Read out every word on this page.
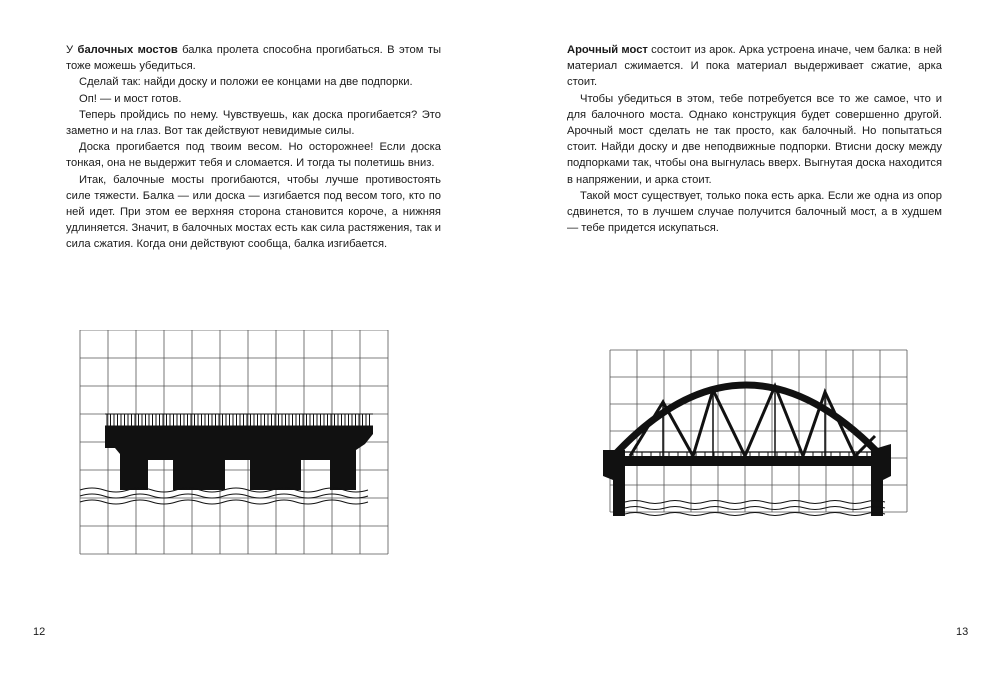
У балочных мостов балка пролета способна прогибаться. В этом ты тоже можешь убедиться.

Сделай так: найди доску и положи ее концами на две подпорки.

Оп! — и мост готов.

Теперь пройдись по нему. Чувствуешь, как доска прогибается? Это заметно и на глаз. Вот так действуют невидимые силы.

Доска прогибается под твоим весом. Но осторожнее! Если доска тонкая, она не выдержит тебя и сломается. И тогда ты полетишь вниз.

Итак, балочные мосты прогибаются, чтобы лучше противостоять силе тяжести. Балка — или доска — изгибается под весом того, кто по ней идет. При этом ее верхняя сторона становится короче, а нижняя удлиняется. Значит, в балочных мостах есть как сила растяжения, так и сила сжатия. Когда они действуют сообща, балка изгибается.

12

Арочный мост состоит из арок. Арка устроена иначе, чем балка: в ней материал сжимается. И пока материал выдерживает сжатие, арка стоит.

Чтобы убедиться в этом, тебе потребуется все то же самое, что и для балочного моста. Однако конструкция будет совершенно другой. Арочный мост сделать не так просто, как балочный. Но попытаться стоит. Найди доску и две неподвижные подпорки. Втисни доску между подпорками так, чтобы она выгнулась вверх. Выгнутая доска находится в напряжении, и арка стоит.

Такой мост существует, только пока есть арка. Если же одна из опор сдвинется, то в лучшем случае получится балочный мост, а в худшем — тебе придется искупаться.

13
